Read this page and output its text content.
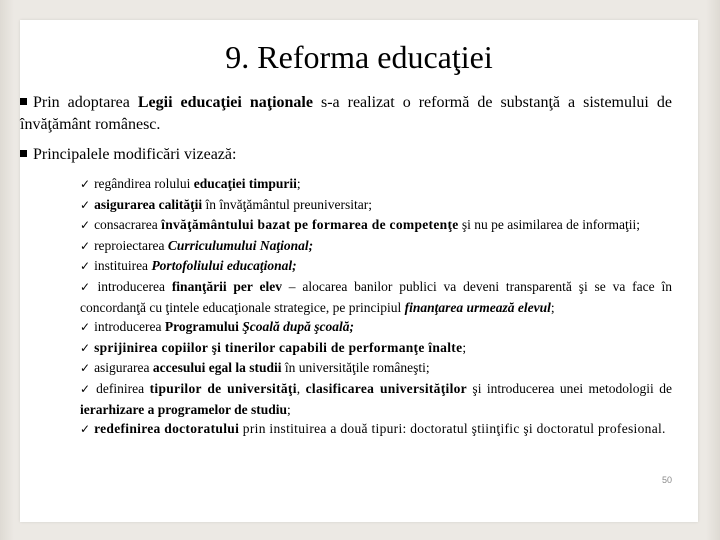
9. Reforma educaţiei

Prin adoptarea Legii educaţiei naţionale s-a realizat o reformă de substanţă a sistemului de învăţământ românesc.

Principalele modificări vizează:

✓ regândirea rolului educaţiei timpurii;

✓ asigurarea calităţii în învăţământul preuniversitar;

✓ consacrarea învăţământului bazat pe formarea de competenţe şi nu pe asimilarea de informaţii;

✓ reproiectarea Curriculumului Naţional;

✓ instituirea Portofoliului educaţional;

✓ introducerea finanţării per elev – alocarea banilor publici va deveni transparentă şi se va face în concordanţă cu ţintele educaţionale strategice, pe principiul finanţarea urmează elevul;

✓ introducerea Programului Şcoală după şcoală;

✓ sprijinirea copiilor şi tinerilor capabili de performanţe înalte;

✓ asigurarea accesului egal la studii în universităţile româneşti;

✓ definirea tipurilor de universităţi, clasificarea universităţilor şi introducerea unei metodologii de ierarhizare a programelor de studiu;

✓ redefinirea doctoratului prin instituirea a două tipuri: doctoratul ştiinţific şi doctoratul profesional.

50
